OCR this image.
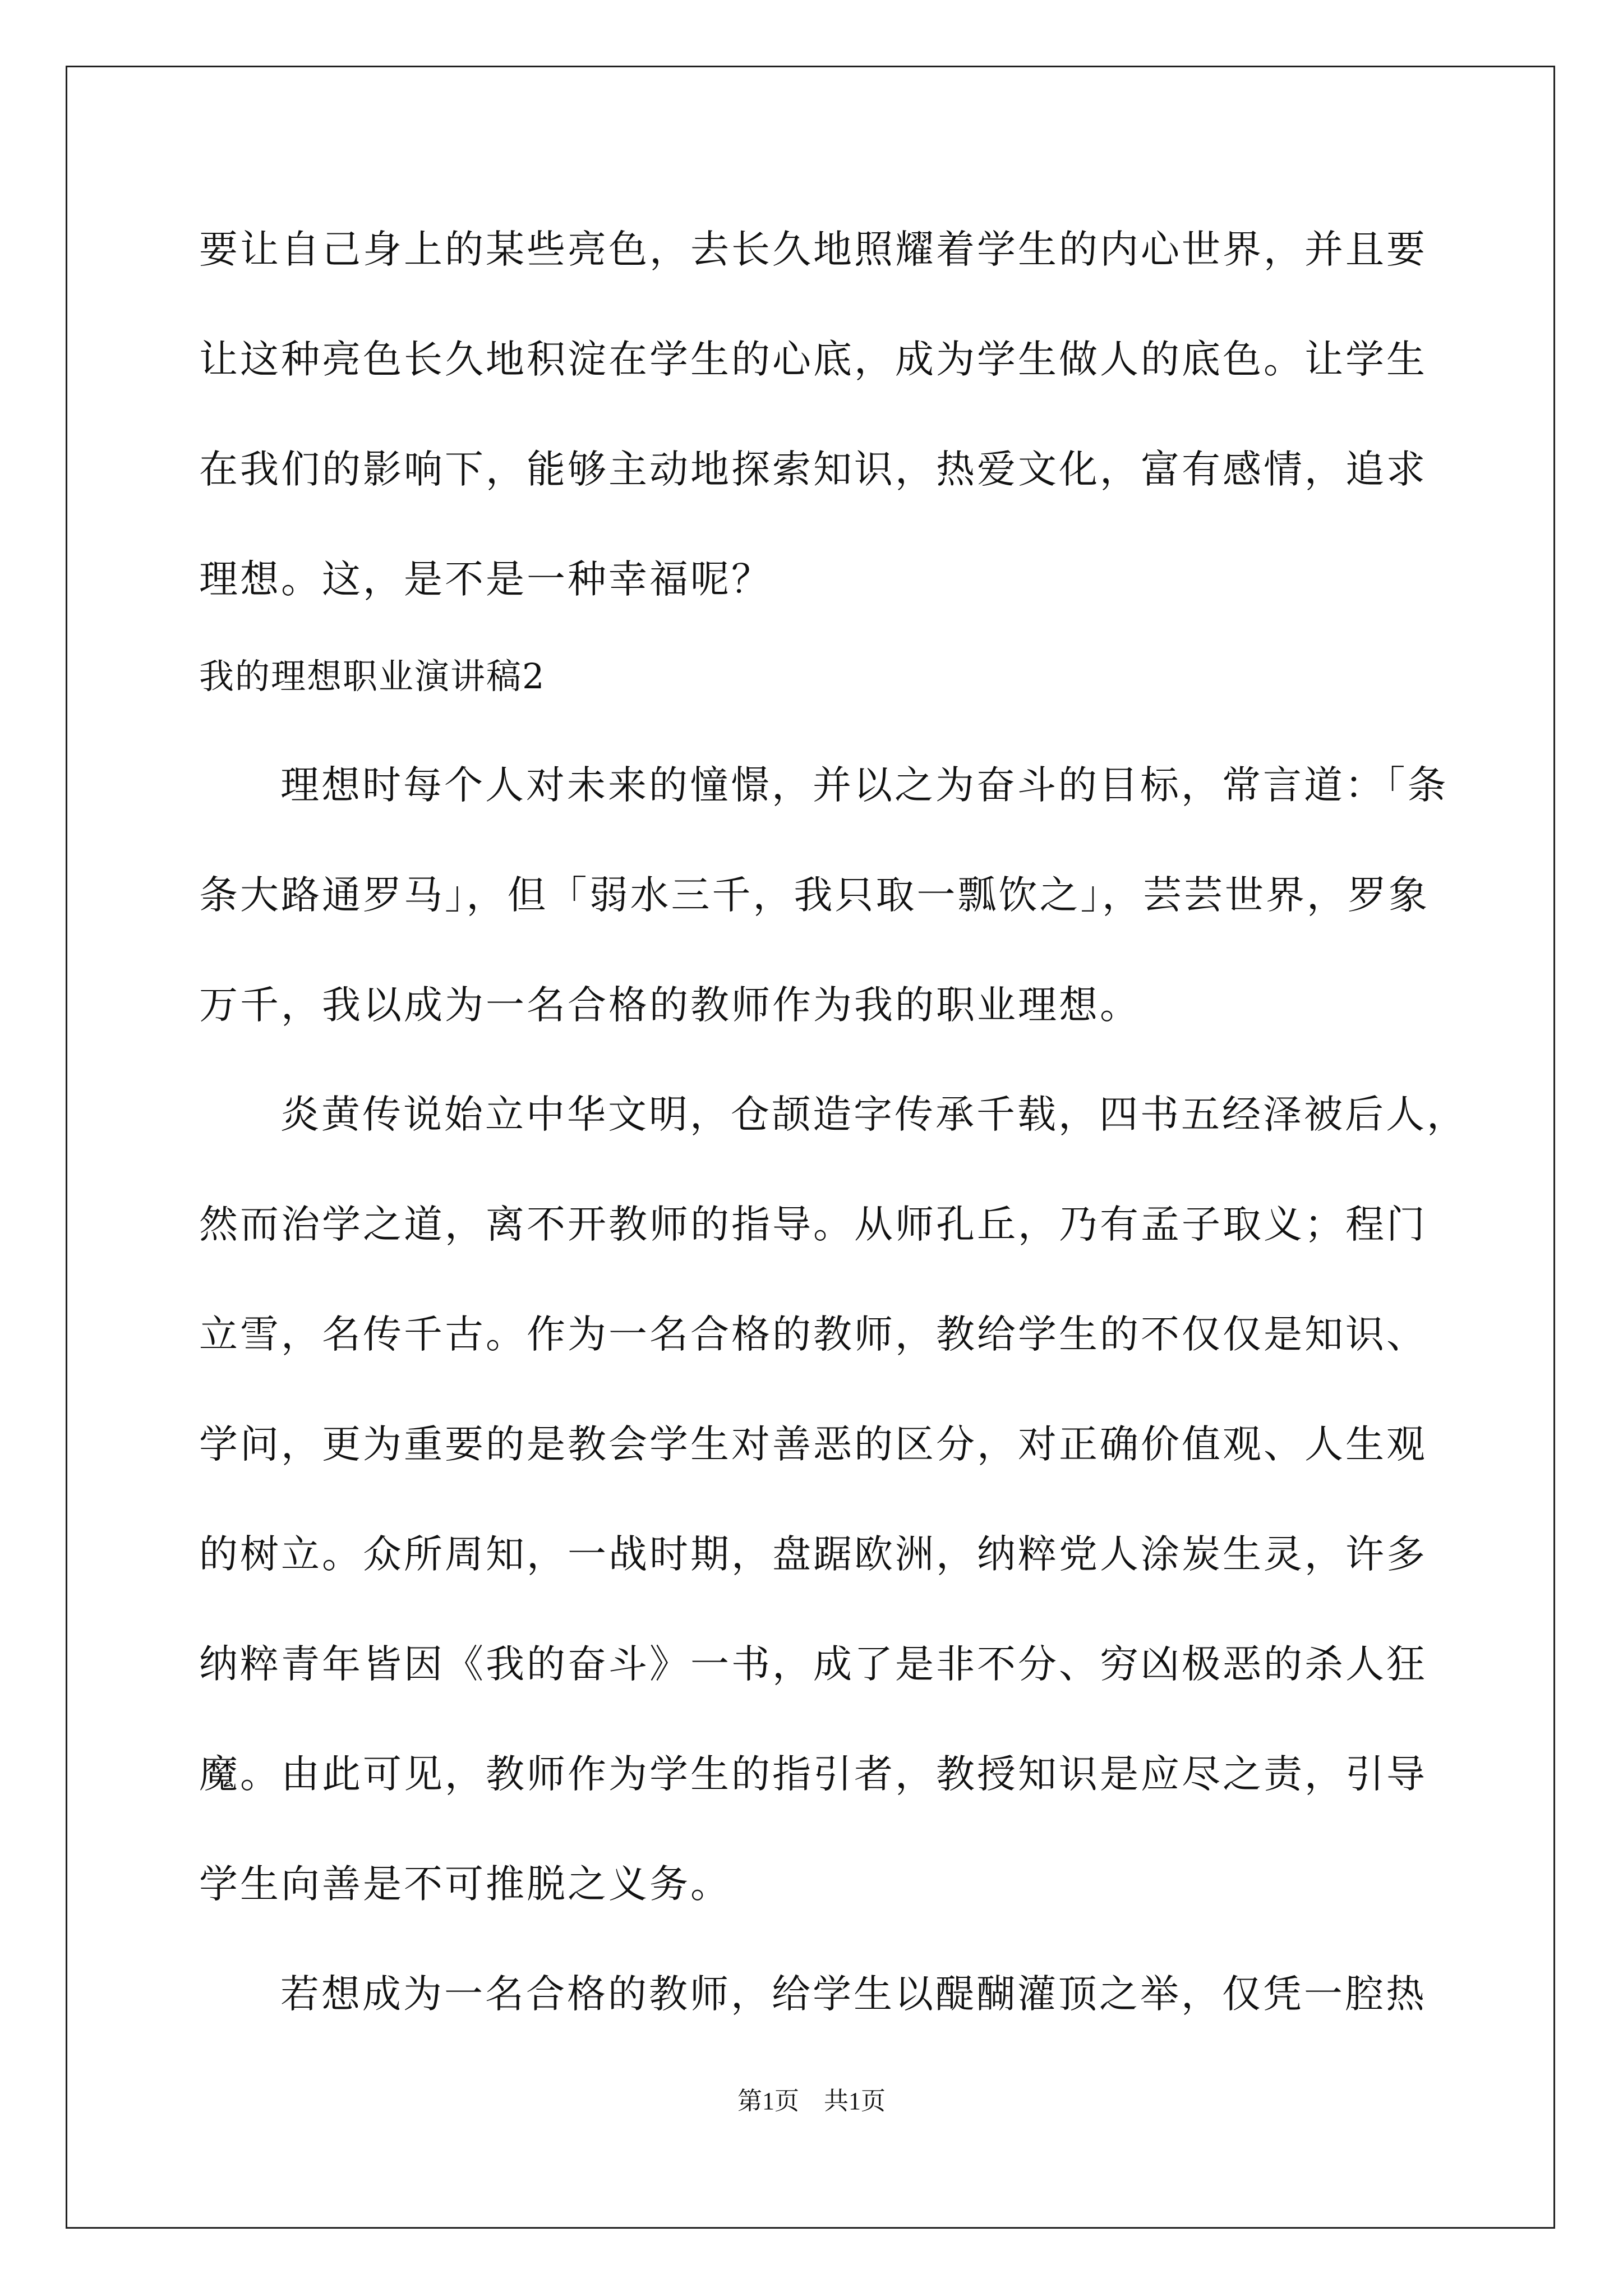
要让自己身上的某些亮色，去长久地照耀着学生的内心世界，并且要
让这种亮色长久地积淀在学生的心底，成为学生做人的底色。让学生
在我们的影响下，能够主动地探索知识，热爱文化，富有感情，追求
理想。这，是不是一种幸福呢？
我的理想职业演讲稿2
理想时每个人对未来的憧憬，并以之为奋斗的目标，常言道：「条
条大路通罗马」，但「弱水三千，我只取一瓢饮之」，芸芸世界，罗象
万千，我以成为一名合格的教师作为我的职业理想。
炎黄传说始立中华文明，仓颉造字传承千载，四书五经泽被后人，
然而治学之道，离不开教师的指导。从师孔丘，乃有孟子取义；程门
立雪，名传千古。作为一名合格的教师，教给学生的不仅仅是知识、
学问，更为重要的是教会学生对善恶的区分，对正确价值观、人生观
的树立。众所周知，一战时期，盘踞欧洲，纳粹党人涂炭生灵，许多
纳粹青年皆因《我的奋斗》一书，成了是非不分、穷凶极恶的杀人狂
魔。由此可见，教师作为学生的指引者，教授知识是应尽之责，引导
学生向善是不可推脱之义务。
若想成为一名合格的教师，给学生以醍醐灌顶之举，仅凭一腔热
第1页　共1页
